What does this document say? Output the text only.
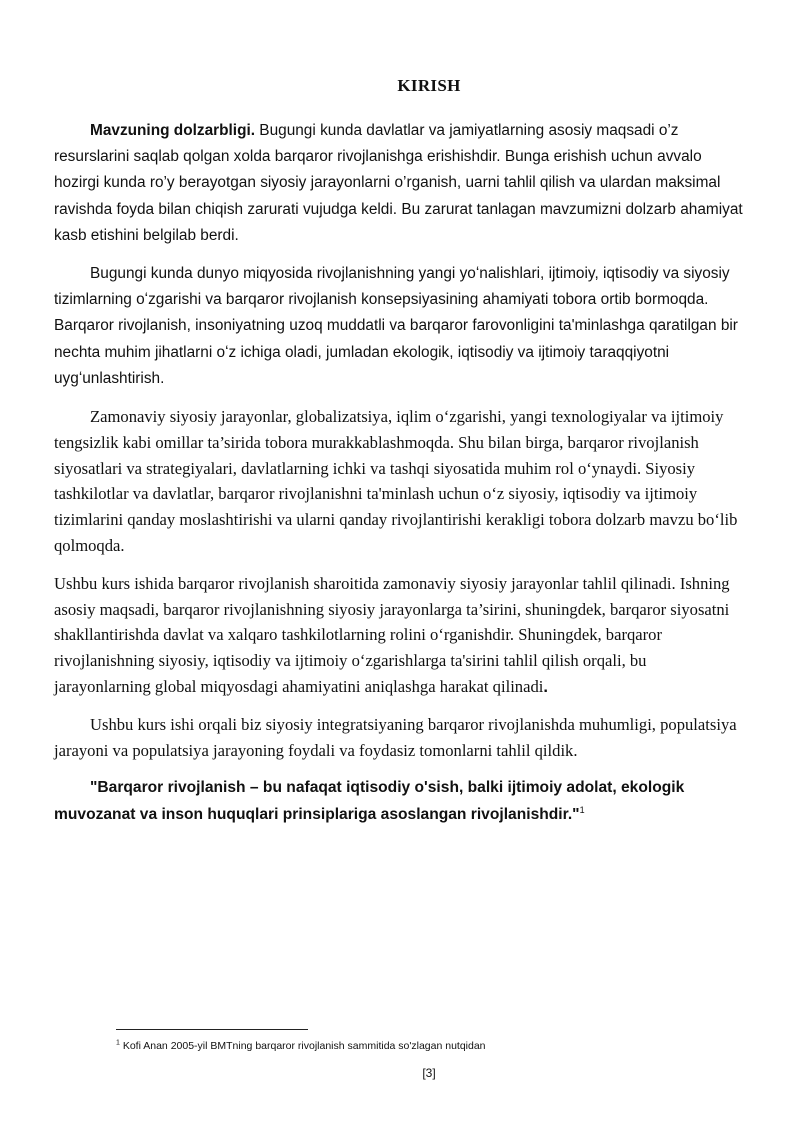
KIRISH

Mavzuning dolzarbligi. Bugungi kunda davlatlar va jamiyatlarning asosiy maqsadi o’z resurslarini saqlab qolgan xolda barqaror rivojlanishga erishishdir. Bunga erishish uchun avvalo hozirgi kunda ro’y berayotgan siyosiy jarayonlarni o’rganish, uarni tahlil qilish va ulardan maksimal ravishda foyda bilan chiqish zarurati vujudga keldi. Bu zarurat tanlagan mavzumizni dolzarb ahamiyat kasb etishini belgilab berdi.

Bugungi kunda dunyo miqyosida rivojlanishning yangi yoʻnalishlari, ijtimoiy, iqtisodiy va siyosiy tizimlarning oʻzgarishi va barqaror rivojlanish konsepsiyasining ahamiyati tobora ortib bormoqda. Barqaror rivojlanish, insoniyatning uzoq muddatli va barqaror farovonligini ta'minlashga qaratilgan bir nechta muhim jihatlarni oʻz ichiga oladi, jumladan ekologik, iqtisodiy va ijtimoiy taraqqiyotni uygʻunlashtirish.

Zamonaviy siyosiy jarayonlar, globalizatsiya, iqlim o‘zgarishi, yangi texnologiyalar va ijtimoiy tengsizlik kabi omillar ta’sirida tobora murakkablashmoqda. Shu bilan birga, barqaror rivojlanish siyosatlari va strategiyalari, davlatlarning ichki va tashqi siyosatida muhim rol o‘ynaydi. Siyosiy tashkilotlar va davlatlar, barqaror rivojlanishni ta'minlash uchun o‘z siyosiy, iqtisodiy va ijtimoiy tizimlarini qanday moslashtirishi va ularni qanday rivojlantirishi kerakligi tobora dolzarb mavzu bo‘lib qolmoqda.

Ushbu kurs ishida barqaror rivojlanish sharoitida zamonaviy siyosiy jarayonlar tahlil qilinadi. Ishning asosiy maqsadi, barqaror rivojlanishning siyosiy jarayonlarga ta’sirini, shuningdek, barqaror siyosatni shakllantirishda davlat va xalqaro tashkilotlarning rolini o‘rganishdir. Shuningdek, barqaror rivojlanishning siyosiy, iqtisodiy va ijtimoiy o‘zgarishlarga ta'sirini tahlil qilish orqali, bu jarayonlarning global miqyosdagi ahamiyatini aniqlashga harakat qilinadi.

Ushbu kurs ishi orqali biz siyosiy integratsiyaning barqaror rivojlanishda muhumligi, populatsiya jarayoni va populatsiya jarayoning foydali va foydasiz tomonlarni tahlil qildik.

"Barqaror rivojlanish – bu nafaqat iqtisodiy o'sish, balki ijtimoiy adolat, ekologik muvozanat va inson huquqlari prinsiplariga asoslangan rivojlanishdir."$^1$

$^1$ Kofi Anan 2005-yil BMTning barqaror rivojlanish sammitida so'zlagan nutqidan
[3]
